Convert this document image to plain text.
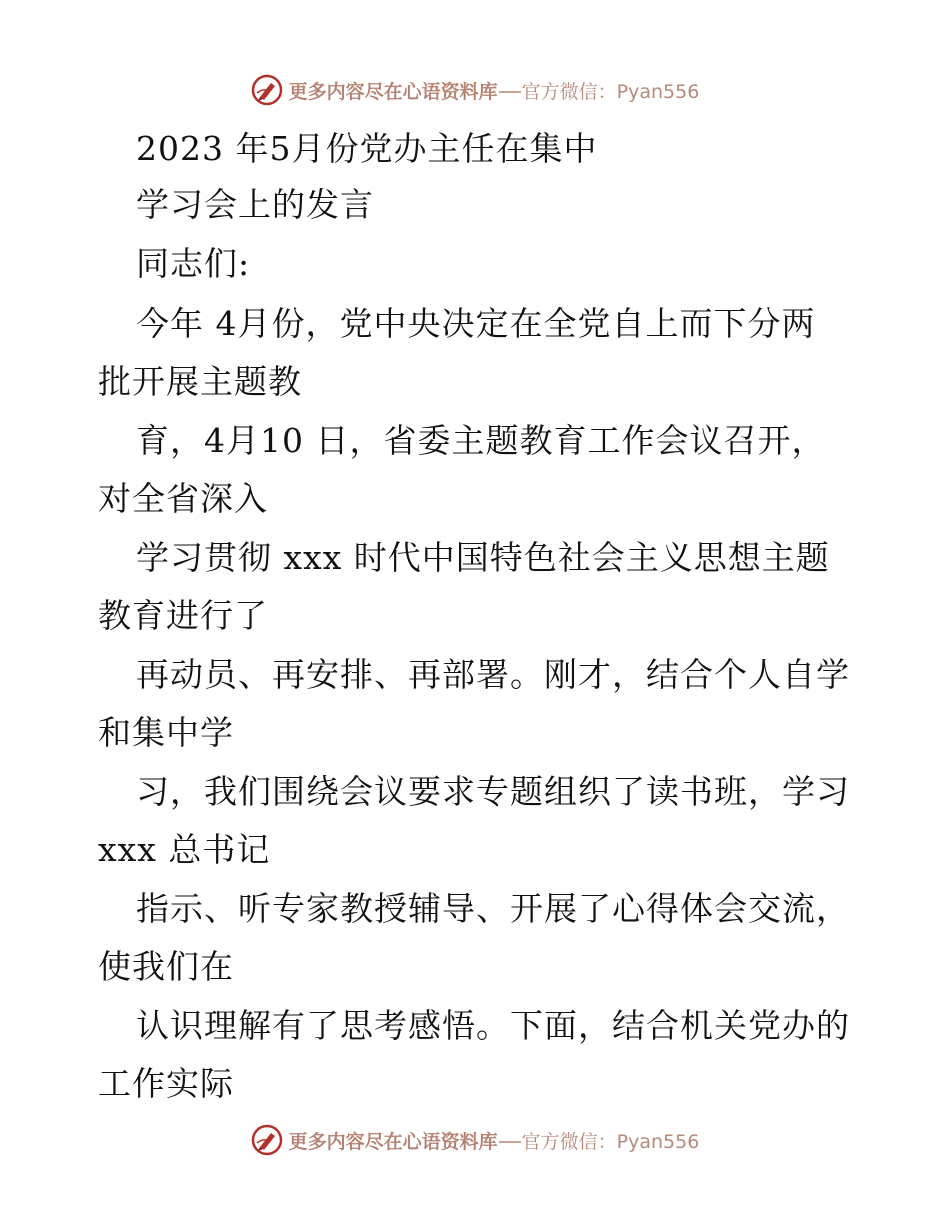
更多内容尽在心语资料库 官方微信：Pyan556
2023 年5月份党办主任在集中
学习会上的发言
同志们:
今年 4月份，党中央决定在全党自上而下分两
批开展主题教
育，4月10 日，省委主题教育工作会议召开，
对全省深入
学习贯彻 xxx 时代中国特色社会主义思想主题
教育进行了
再动员、再安排、再部署。刚才，结合个人自学
和集中学
习，我们围绕会议要求专题组织了读书班，学习
xxx 总书记
指示、听专家教授辅导、开展了心得体会交流，
使我们在
认识理解有了思考感悟。下面，结合机关党办的
工作实际
更多内容尽在心语资料库 官方微信：Pyan556
